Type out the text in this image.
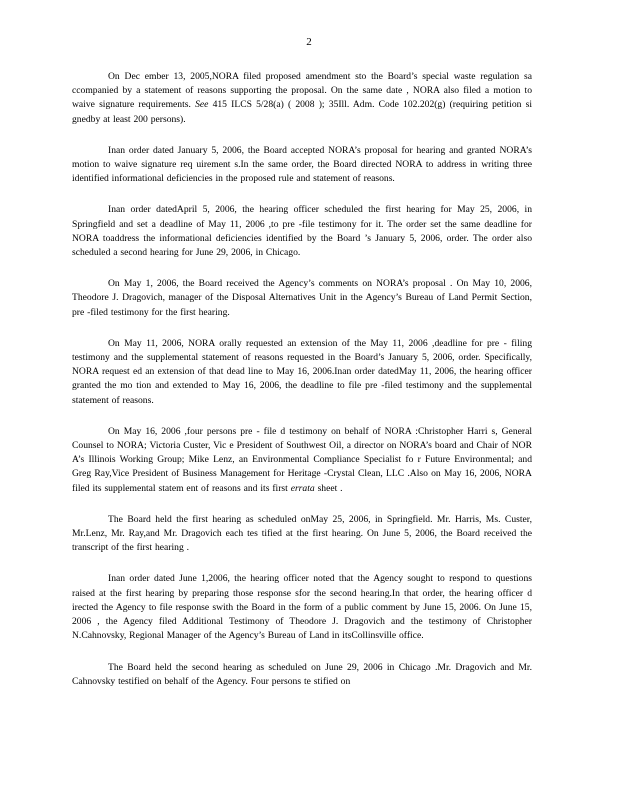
2

On Dec ember 13, 2005,NORA filed proposed amendment sto the Board’s special waste regulation sa ccompanied by a statement of reasons supporting the proposal. On the same date , NORA also filed a motion to waive signature requirements. See 415 ILCS 5/28(a) ( 2008 ); 35Ill. Adm. Code 102.202(g) (requiring petition si gnedby at least 200 persons).

Inan order dated January 5, 2006, the Board accepted NORA’s proposal for hearing and granted NORA’s motion to waive signature req uirement s.In the same order, the Board directed NORA to address in writing three identified informational deficiencies in the proposed rule and statement of reasons.

Inan order datedApril 5, 2006, the hearing officer scheduled the first hearing for May 25, 2006, in Springfield and set a deadline of May 11, 2006 ,to pre -file testimony for it. The order set the same deadline for NORA toaddress the informational deficiencies identified by the Board ’s January 5, 2006, order. The order also scheduled a second hearing for June 29, 2006, in Chicago.

On May 1, 2006, the Board received the Agency’s comments on NORA’s proposal . On May 10, 2006, Theodore J. Dragovich, manager of the Disposal Alternatives Unit in the Agency’s Bureau of Land Permit Section, pre -filed testimony for the first hearing.

On May 11, 2006, NORA orally requested an extension of the May 11, 2006 ,deadline for pre - filing testimony and the supplemental statement of reasons requested in the Board’s January 5, 2006, order. Specifically, NORA request ed an extension of that dead line to May 16, 2006.Inan order datedMay 11, 2006, the hearing officer granted the mo tion and extended to May 16, 2006, the deadline to file pre -filed testimony and the supplemental statement of reasons.

On May 16, 2006 ,four persons pre - file d testimony on behalf of NORA :Christopher Harri s, General Counsel to NORA; Victoria Custer, Vic e President of Southwest Oil, a director on NORA’s board and Chair of NOR A’s Illinois Working Group; Mike Lenz, an Environmental Compliance Specialist fo r Future Environmental; and Greg Ray,Vice President of Business Management for Heritage -Crystal Clean, LLC .Also on May 16, 2006, NORA filed its supplemental statem ent of reasons and its first errata sheet .

The Board held the first hearing as scheduled onMay 25, 2006, in Springfield. Mr. Harris, Ms. Custer, Mr.Lenz, Mr. Ray,and Mr. Dragovich each tes tified at the first hearing. On June 5, 2006, the Board received the transcript of the first hearing .

Inan order dated June 1,2006, the hearing officer noted that the Agency sought to respond to questions raised at the first hearing by preparing those response sfor the second hearing.In that order, the hearing officer d irected the Agency to file response swith the Board in the form of a public comment by June 15, 2006. On June 15, 2006 , the Agency filed Additional Testimony of Theodore J. Dragovich and the testimony of Christopher N.Cahnovsky, Regional Manager of the Agency’s Bureau of Land in itsCollinsville office.

The Board held the second hearing as scheduled on June 29, 2006 in Chicago .Mr. Dragovich and Mr. Cahnovsky testified on behalf of the Agency. Four persons te stified on
